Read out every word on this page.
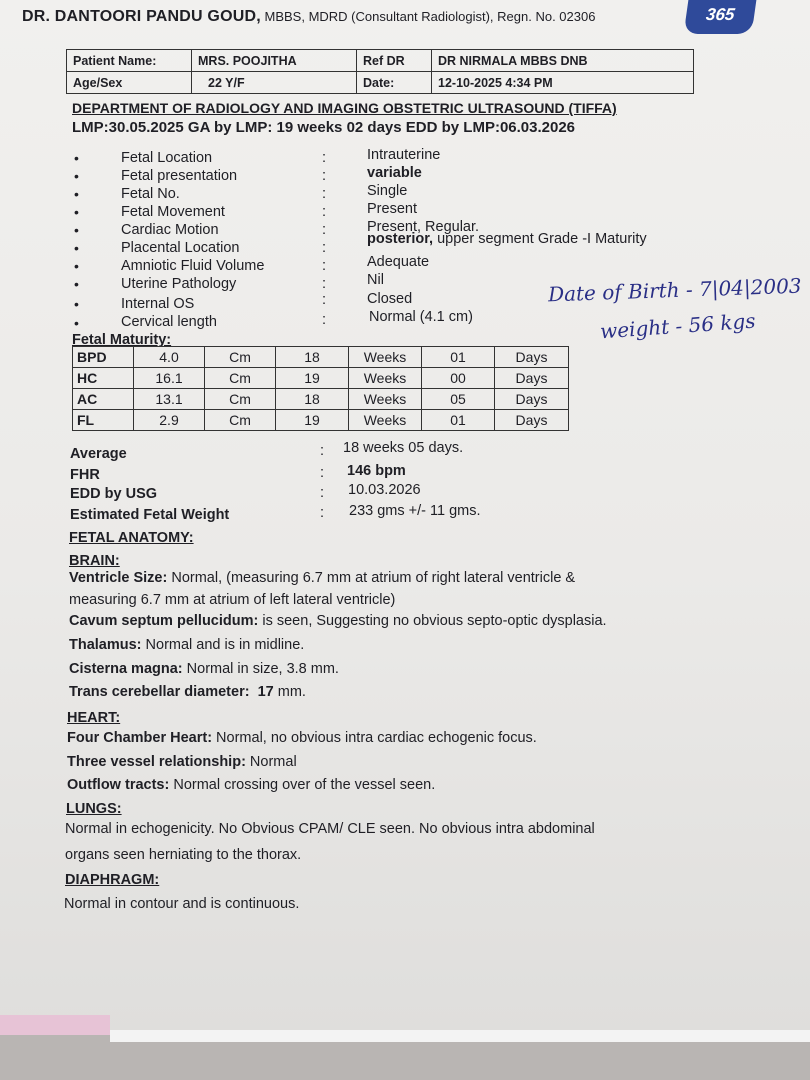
DR. DANTOORI PANDU GOUD, MBBS, MDRD (Consultant Radiologist), Regn. No. 02306	365
Patient Name:	MRS. POOJITHA	Ref DR	DR NIRMALA MBBS DNB
Age/Sex	22 Y/F	Date:	12-10-2025 4:34 PM
DEPARTMENT OF RADIOLOGY AND IMAGING OBSTETRIC ULTRASOUND (TIFFA)
LMP:30.05.2025 GA by LMP: 19 weeks 02 days EDD by LMP:06.03.2026
•	Fetal Location	:	Intrauterine
•	Fetal presentation	:	variable
•	Fetal No.	:	Single
•	Fetal Movement	:	Present
•	Cardiac Motion	:	Present, Regular.
•	Placental Location	:
posterior, upper segment Grade -I Maturity
•	Amniotic Fluid Volume	:	Adequate
•	Uterine Pathology	:	Nil
•	Internal OS	:	Closed
•	Cervical length	:	Normal (4.1 cm)
Date of Birth - 7|04|2003
weight - 56 kgs
Fetal Maturity:
BPD	4.0	Cm	18	Weeks	01	Days
HC	16.1	Cm	19	Weeks	00	Days
AC	13.1	Cm	18	Weeks	05	Days
FL	2.9	Cm	19	Weeks	01	Days
Average	: 18 weeks 05 days.
FHR	: 146 bpm
EDD by USG	: 10.03.2026
Estimated Fetal Weight	: 233 gms +/- 11 gms.
FETAL ANATOMY:
BRAIN:
Ventricle Size: Normal, (measuring 6.7 mm at atrium of right lateral ventricle &
measuring 6.7 mm at atrium of left lateral ventricle)
Cavum septum pellucidum: is seen, Suggesting no obvious septo-optic dysplasia.
Thalamus: Normal and is in midline.
Cisterna magna: Normal in size, 3.8 mm.
Trans cerebellar diameter: 17 mm.
HEART:
Four Chamber Heart: Normal, no obvious intra cardiac echogenic focus.
Three vessel relationship: Normal
Outflow tracts: Normal crossing over of the vessel seen.
LUNGS:
Normal in echogenicity. No Obvious CPAM/ CLE seen. No obvious intra abdominal
organs seen herniating to the thorax.
DIAPHRAGM:
Normal in contour and is continuous.
